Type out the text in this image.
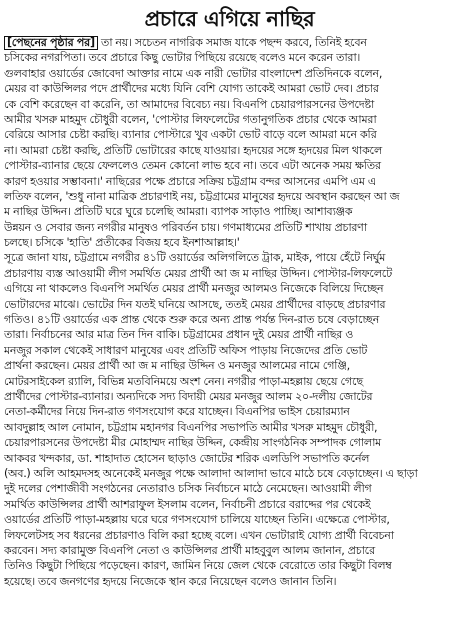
প্রচারে এগিয়ে নাছির
[পেছনের পৃষ্ঠার পর] তা নয়। সচেতন নাগরিক সমাজ যাকে পছন্দ করবে, তিনিই হবেন
চসিকের নগরপিতা। তবে প্রচারে কিছু ভোটার পিছিয়ে রয়েছে বলেও মনে করেন তারা।
গুলবাহার ওয়ার্ডের জোবেদা আক্তার নামে এক নারী ভোটার বাংলাদেশ প্রতিদিনকে বলেন,
মেয়র বা কাউন্সিলর পদে প্রার্থীদের মধ্যে যিনি বেশি যোগ্য তাকেই আমরা ভোট দেব। প্রচার
কে বেশি করেছেন বা করেনি, তা আমাদের বিবেচ্য নয়। বিএনপি চেয়ারপারসনের উপদেষ্টা
আমীর খসরু মাহমুদ চৌধুরী বলেন, 'পোস্টার লিফলেটের গতানুগতিক প্রচার থেকে আমরা
বেরিয়ে আসার চেষ্টা করছি। ব্যানার পোস্টারে খুব একটা ভোট বাড়ে বলে আমরা মনে করি
না। আমরা চেষ্টা করছি, প্রতিটি ভোটারের কাছে যাওয়ার। হৃদয়ের সঙ্গে হৃদয়ের মিল থাকলে
পোস্টার-ব্যানার ছেয়ে ফেললেও তেমন কোনো লাভ হবে না। তবে এটা অনেক সময় ক্ষতির
কারণ হওয়ার সম্ভাবনা।' নাছিরের পক্ষে প্রচারে সক্রিয় চট্টগ্রাম বন্দর আসনের এমপি এম এ
লতিফ বলেন, 'শুধু নানা মাত্রিক প্রচারণাই নয়, চট্টগ্রামের মানুষের হৃদয়ে অবস্থান করছেন আ জ
ম নাছির উদ্দিন। প্রতিটি ঘরে ঘুরে চলেছি আমরা। ব্যাপক সাড়াও পাচ্ছি। আশাব্যঞ্জক
উন্নয়ন ও সেবার জন্য নগরীর মানুষও পরিবর্তন চায়। গণমাধ্যমের প্রতিটি শাখায় প্রচারণা
চলছে। চসিকে 'হাতি' প্রতীকের বিজয় হবে ইনশাআল্লাহ।'
সূত্রে জানা যায়, চট্টগ্রামে নগরীর ৪১টি ওয়ার্ডের অলিগলিতে ট্রাক, মাইক, পায়ে হেঁটে নির্ঘুম
প্রচারণায় ব্যস্ত আওয়ামী লীগ সমর্থিত মেয়র প্রার্থী আ জ ম নাছির উদ্দিন। পোস্টার-লিফলেটে
এগিয়ে না থাকলেও বিএনপি সমর্থিত মেয়র প্রার্থী মনজুর আলমও নিজেকে বিলিয়ে দিচ্ছেন
ভোটারদের মাঝে। ভোটের দিন যতই ঘনিয়ে আসছে, ততই মেয়র প্রার্থীদের বাড়ছে প্রচারণার
গতিও। ৪১টি ওয়ার্ডের এক প্রান্ত থেকে শুরু করে অন্য প্রান্ত পর্যন্ত দিন-রাত চষে বেড়াচ্ছেন
তারা। নির্বাচনের আর মাত্র তিন দিন বাকি। চট্টগ্রামের প্রধান দুই মেয়র প্রার্থী নাছির ও
মনজুর সকাল থেকেই সাধারণ মানুষের এবং প্রতিটি অফিস পাড়ায় নিজেদের প্রতি ভোট
প্রার্থনা করছেন। মেয়র প্রার্থী আ জ ম নাছির উদ্দিন ও মনজুর আলমের নামে গেঞ্জি,
মোটরসাইকেল র‌্যালি, বিভিন্ন মতবিনিময়ে অংশ নেন। নগরীর পাড়া-মহল্লায় ছেয়ে গেছে
প্রার্থীদের পোস্টার-ব্যানার। অন্যদিকে সদ্য বিদায়ী মেয়র মনজুর আলম ২০-দলীয় জোটের
নেতা-কর্মীদের নিয়ে দিন-রাত গণসংযোগ করে যাচ্ছেন। বিএনপির ভাইস চেয়ারম্যান
আবদুল্লাহ আল নোমান, চট্টগ্রাম মহানগর বিএনপির সভাপতি আমীর খসরু মাহমুদ চৌধুরী,
চেয়ারপারসনের উপদেষ্টা মীর মোহাম্মদ নাছির উদ্দিন, কেন্দ্রীয় সাংগঠনিক সম্পাদক গোলাম
আকবর খন্দকার, ডা. শাহাদাত হোসেন ছাড়াও জোটের শরিক এলডিপি সভাপতি কর্নেল
(অব.) অলি আহমদসহ অনেকেই মনজুর পক্ষে আলাদা আলাদা ভাবে মাঠে চষে বেড়াচ্ছেন। এ ছাড়া
দুই দলের পেশাজীবী সংগঠনের নেতারাও চসিক নির্বাচনে মাঠে নেমেছেন। আওয়ামী লীগ
সমর্থিত কাউন্সিলর প্রার্থী আশরাফুল ইসলাম বলেন, নির্বাচনী প্রচারে বরাদ্দের পর থেকেই
ওয়ার্ডের প্রতিটি পাড়া-মহল্লায় ঘরে ঘরে গণসংযোগ চালিয়ে যাচ্ছেন তিনি। এক্ষেত্রে পোস্টার,
লিফলেটসহ সব ধরনের প্রচারণাও বিলি করা হচ্ছে বলে। এখন ভোটারাই যোগ্য প্রার্থী বিবেচনা
করবেন। সদ্য কারামুক্ত বিএনপি নেতা ও কাউন্সিলর প্রার্থী মাহবুবুল আলম জানান, প্রচারে
তিনিও কিছুটা পিছিয়ে পড়েছেন। কারণ, জামিন নিয়ে জেল থেকে বেরোতে তার কিছুটা বিলম্ব
হয়েছে। তবে জনগণের হৃদয়ে নিজেকে স্থান করে নিয়েছেন বলেও জানান তিনি।
